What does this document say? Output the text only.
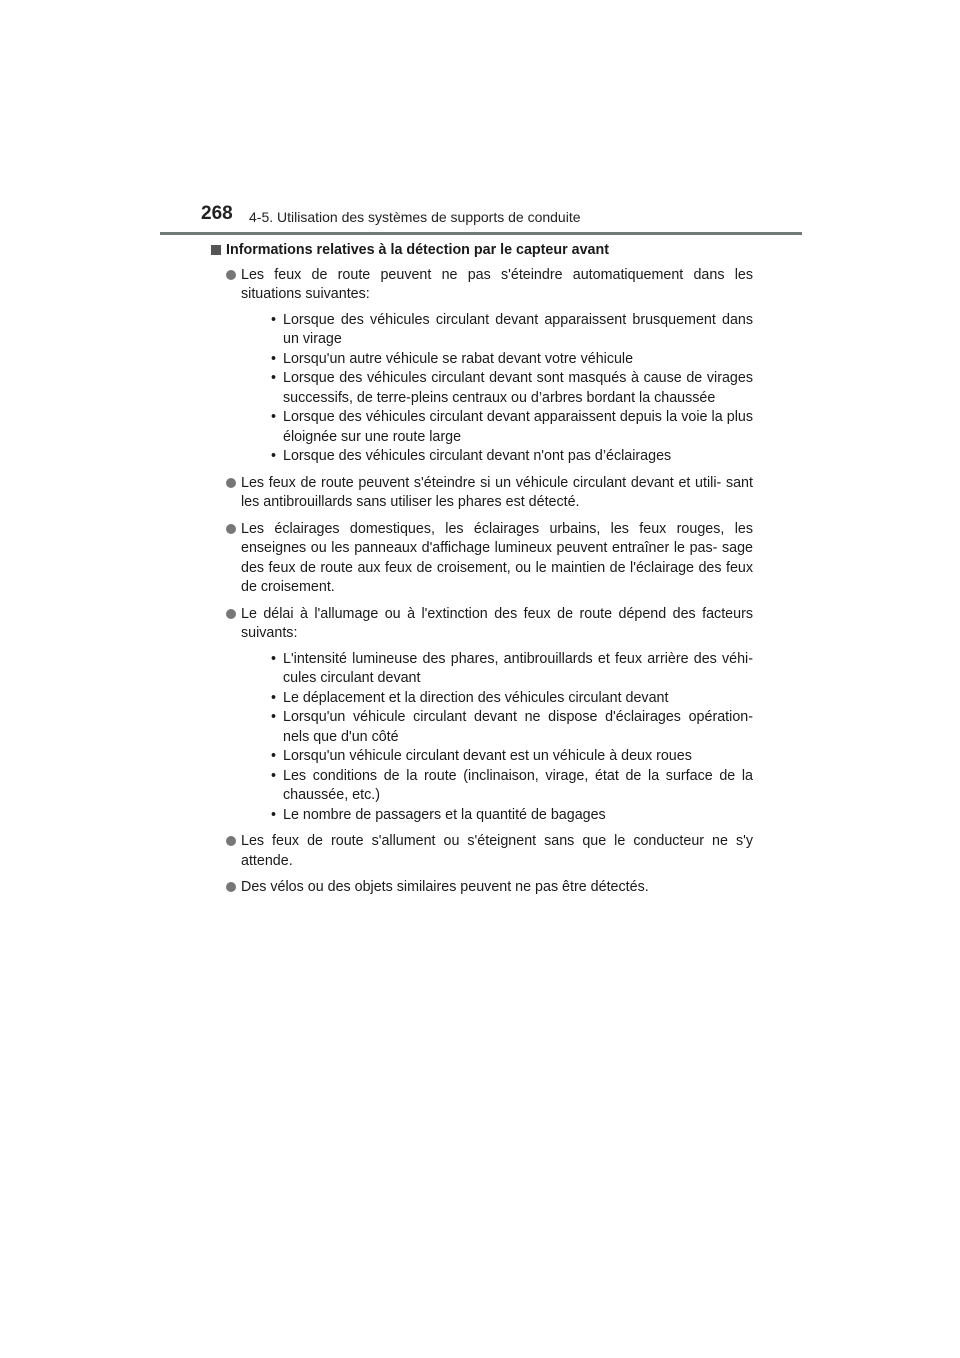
268 4-5. Utilisation des systèmes de supports de conduite
Informations relatives à la détection par le capteur avant
Les feux de route peuvent ne pas s'éteindre automatiquement dans les situations suivantes:
• Lorsque des véhicules circulant devant apparaissent brusquement dans un virage
• Lorsqu'un autre véhicule se rabat devant votre véhicule
• Lorsque des véhicules circulant devant sont masqués à cause de virages successifs, de terre-pleins centraux ou d’arbres bordant la chaussée
• Lorsque des véhicules circulant devant apparaissent depuis la voie la plus éloignée sur une route large
• Lorsque des véhicules circulant devant n'ont pas d’éclairages
Les feux de route peuvent s'éteindre si un véhicule circulant devant et utili- sant les antibrouillards sans utiliser les phares est détecté.
Les éclairages domestiques, les éclairages urbains, les feux rouges, les enseignes ou les panneaux d'affichage lumineux peuvent entraîner le pas- sage des feux de route aux feux de croisement, ou le maintien de l'éclairage des feux de croisement.
Le délai à l'allumage ou à l'extinction des feux de route dépend des facteurs suivants:
• L'intensité lumineuse des phares, antibrouillards et feux arrière des véhi- cules circulant devant
• Le déplacement et la direction des véhicules circulant devant
• Lorsqu'un véhicule circulant devant ne dispose d'éclairages opération- nels que d'un côté
• Lorsqu'un véhicule circulant devant est un véhicule à deux roues
• Les conditions de la route (inclinaison, virage, état de la surface de la chaussée, etc.)
• Le nombre de passagers et la quantité de bagages
Les feux de route s'allument ou s'éteignent sans que le conducteur ne s'y attende.
Des vélos ou des objets similaires peuvent ne pas être détectés.
